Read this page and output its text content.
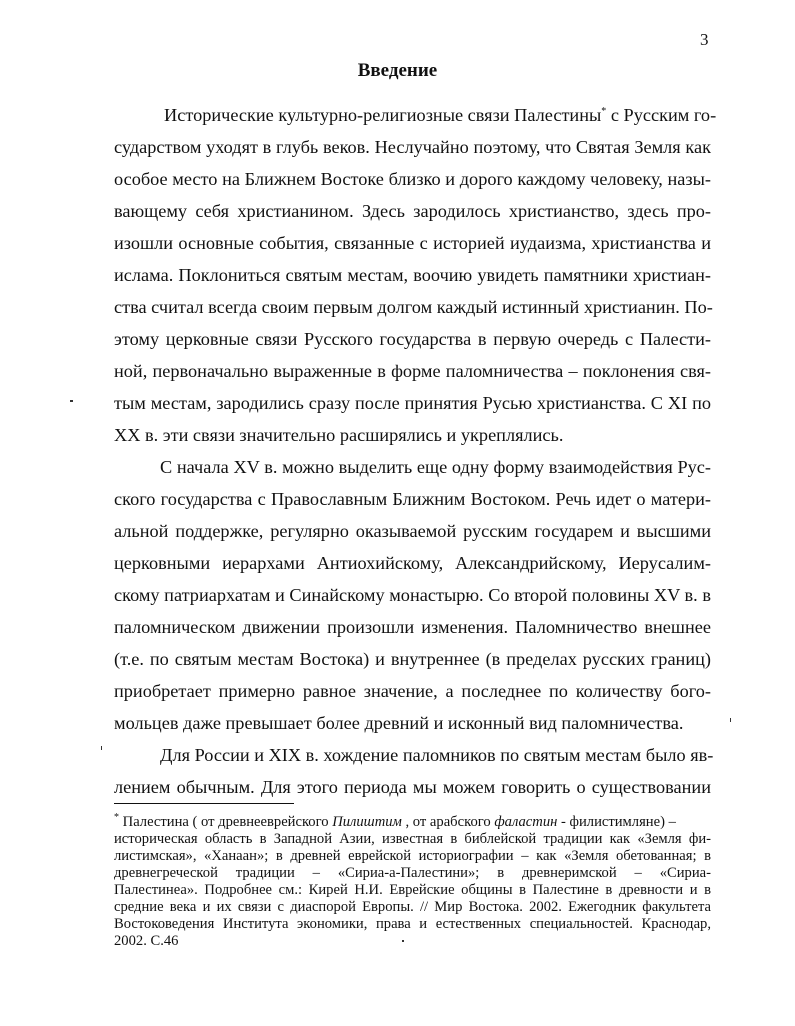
3
Введение
Исторические культурно-религиозные связи Палестины* с Русским го-
сударством уходят в глубь веков. Неслучайно поэтому, что Святая Земля как
особое место на Ближнем Востоке близко и дорого каждому человеку, назы-
вающему себя христианином. Здесь зародилось христианство, здесь про-
изошли основные события, связанные с историей иудаизма, христианства и
ислама. Поклониться святым местам, воочию увидеть памятники христиан-
ства считал всегда своим первым долгом каждый истинный христианин. По-
этому церковные связи Русского государства в первую очередь с Палести-
ной, первоначально выраженные в форме паломничества – поклонения свя-
тым местам, зародились сразу после принятия Русью христианства. С XI по
XX в. эти связи значительно расширялись и укреплялись.
С начала XV в. можно выделить еще одну форму взаимодействия Рус-
ского государства с Православным Ближним Востоком. Речь идет о матери-
альной поддержке, регулярно оказываемой русским государем и высшими
церковными иерархами Антиохийскому, Александрийскому, Иерусалим-
скому патриархатам и Синайскому монастырю. Со второй половины XV в. в
паломническом движении произошли изменения. Паломничество внешнее
(т.е. по святым местам Востока) и внутреннее (в пределах русских границ)
приобретает примерно равное значение, а последнее по количеству бого-
мольцев даже превышает более древний и исконный вид паломничества.
Для России и XIX в. хождение паломников по святым местам было яв-
лением обычным. Для этого периода мы можем говорить о существовании
* Палестина ( от древнееврейского Пилиштим , от арабского фаластин - филистимляне) –
историческая область в Западной Азии, известная в библейской традиции как «Земля фи-
листимская», «Ханаан»; в древней еврейской историографии – как «Земля обетованная; в
древнегреческой традиции – «Сириа-а-Палестини»; в древнеримской – «Сириа-
Палестинеа». Подробнее см.: Кирей Н.И. Еврейские общины в Палестине в древности и в
средние века и их связи с диаспорой Европы. // Мир Востока. 2002. Ежегодник факультета
Востоковедения Института экономики, права и естественных специальностей. Краснодар,
2002. С.46
